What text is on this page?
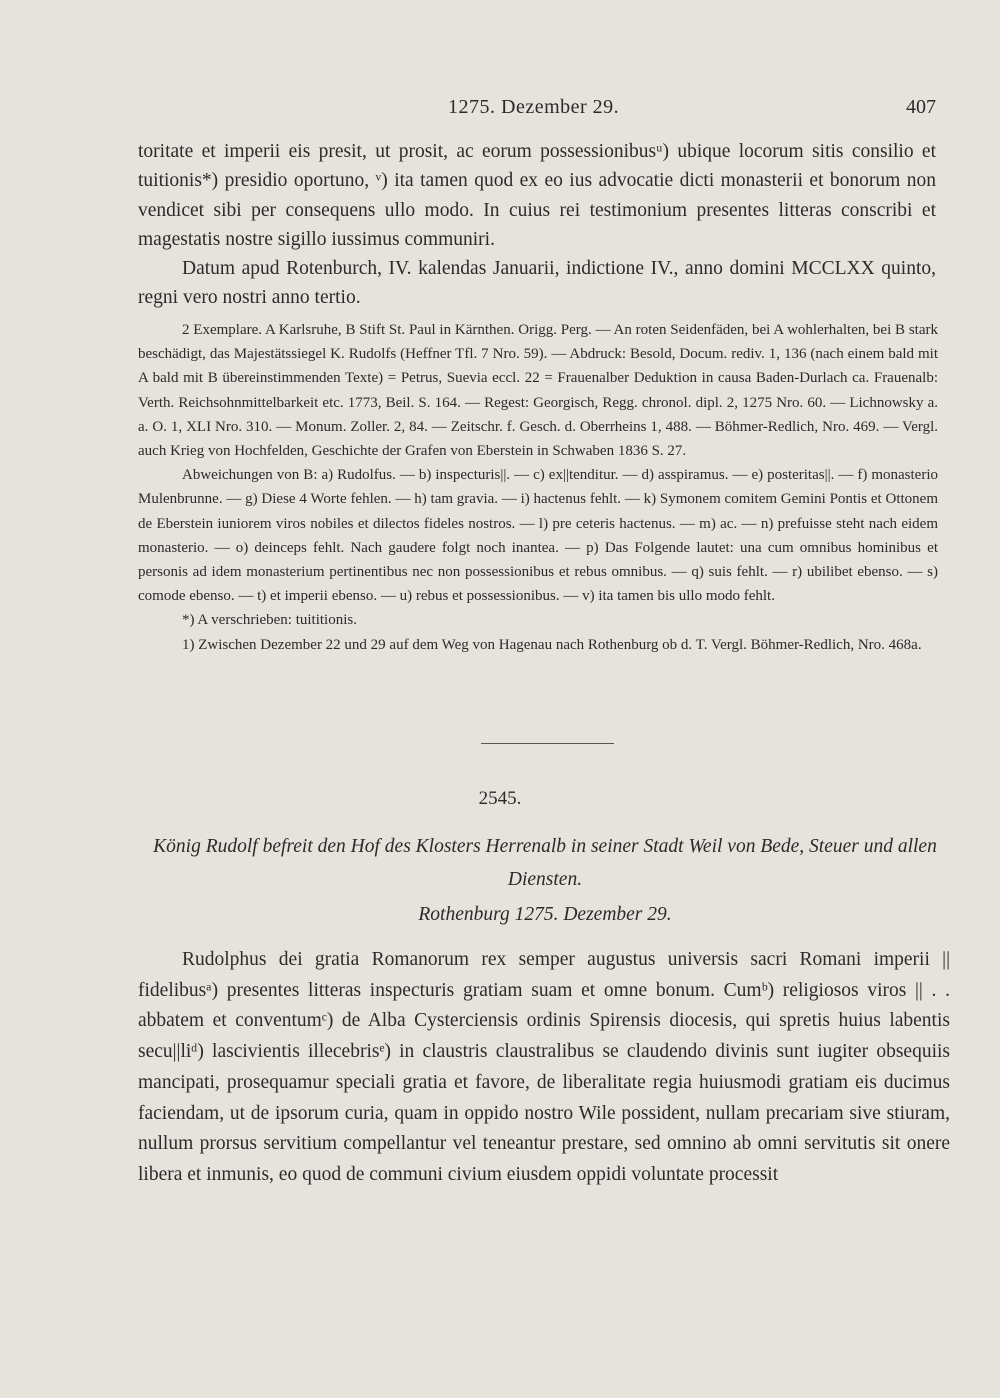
1275. Dezember 29.	407

toritate et imperii eis presit, ut prosit, ac eorum possessionibusᵘ) ubique locorum sitis consilio et tuitionis*) presidio oportuno, ᵛ) ita tamen quod ex eo ius advocatie dicti monasterii et bonorum non vendicet sibi per consequens ullo modo. In cuius rei testimonium presentes litteras conscribi et magestatis nostre sigillo iussimus communiri.

Datum apud Rotenburch, IV. kalendas Januarii, indictione IV., anno domini MCCLXX quinto, regni vero nostri anno tertio.

2 Exemplare. A Karlsruhe, B Stift St. Paul in Kärnthen. Origg. Perg. — An roten Seidenfäden, bei A wohlerhalten, bei B stark beschädigt, das Majestätssiegel K. Rudolfs (Heffner Tfl. 7 Nro. 59). — Abdruck: Besold, Docum. rediv. 1, 136 (nach einem bald mit A bald mit B übereinstimmenden Texte) = Petrus, Suevia eccl. 22 = Frauenalber Deduktion in causa Baden-Durlach ca. Frauenalb: Verth. Reichsohnmittelbarkeit etc. 1773, Beil. S. 164. — Regest: Georgisch, Regg. chronol. dipl. 2, 1275 Nro. 60. — Lichnowsky a. a. O. 1, XLI Nro. 310. — Monum. Zoller. 2, 84. — Zeitschr. f. Gesch. d. Oberrheins 1, 488. — Böhmer-Redlich, Nro. 469. — Vergl. auch Krieg von Hochfelden, Geschichte der Grafen von Eberstein in Schwaben 1836 S. 27.

Abweichungen von B: a) Rudolfus. — b) inspecturis||. — c) ex||tenditur. — d) asspiramus. — e) posteritas||. — f) monasterio Mulenbrunne. — g) Diese 4 Worte fehlen. — h) tam gravia. — i) hactenus fehlt. — k) Symonem comitem Gemini Pontis et Ottonem de Eberstein iuniorem viros nobiles et dilectos fideles nostros. — l) pre ceteris hactenus. — m) ac. — n) prefuisse steht nach eidem monasterio. — o) deinceps fehlt. Nach gaudere folgt noch inantea. — p) Das Folgende lautet: una cum omnibus hominibus et personis ad idem monasterium pertinentibus nec non possessionibus et rebus omnibus. — q) suis fehlt. — r) ubilibet ebenso. — s) comode ebenso. — t) et imperii ebenso. — u) rebus et possessionibus. — v) ita tamen bis ullo modo fehlt.

*) A verschrieben: tuititionis.

1) Zwischen Dezember 22 und 29 auf dem Weg von Hagenau nach Rothenburg ob d. T. Vergl. Böhmer-Redlich, Nro. 468a.

2545.
König Rudolf befreit den Hof des Klosters Herrenalb in seiner Stadt Weil von Bede, Steuer und allen Diensten.
Rothenburg 1275. Dezember 29.

Rudolphus dei gratia Romanorum rex semper augustus universis sacri Romani imperii || fidelibusᵃ) presentes litteras inspecturis gratiam suam et omne bonum. Cumᵇ) religiosos viros || . . abbatem et conventumᶜ) de Alba Cysterciensis ordinis Spirensis diocesis, qui spretis huius labentis secu||liᵈ) lascivientis illecebrisᵉ) in claustris claustralibus se claudendo divinis sunt iugiter obsequiis mancipati, prosequamur speciali gratia et favore, de liberalitate regia huiusmodi gratiam eis ducimus faciendam, ut de ipsorum curia, quam in oppido nostro Wile possident, nullam precariam sive stiuram, nullum prorsus servitium compellantur vel teneantur prestare, sed omnino ab omni servitutis sit onere libera et inmunis, eo quod de communi civium eiusdem oppidi voluntate processit
